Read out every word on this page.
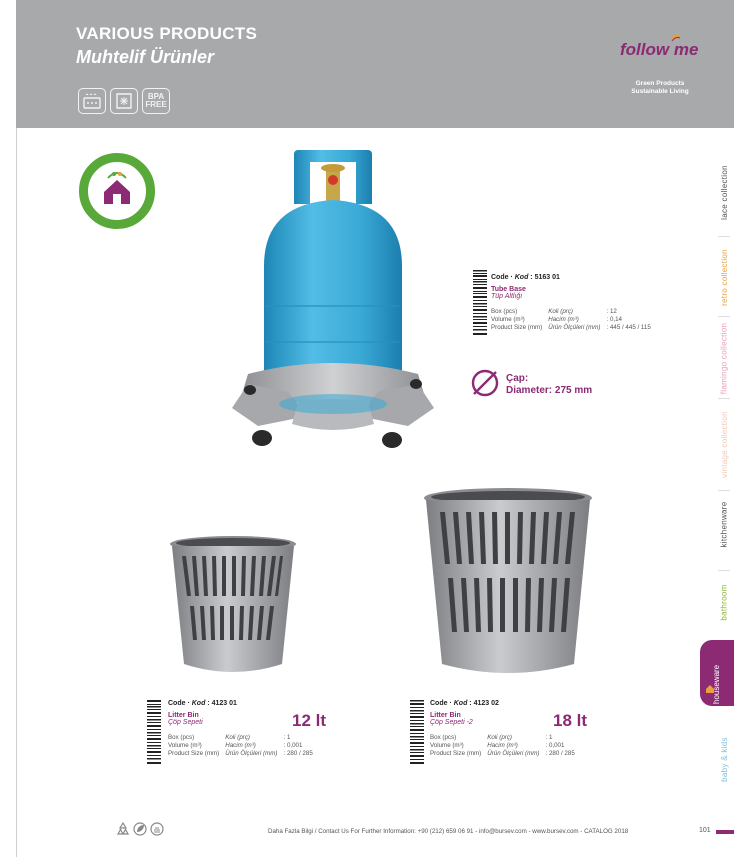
VARIOUS PRODUCTS
Muhtelif Ürünler
BPA
FREE
follow me
Green Products
Sustainable Living
lace collection
retro collection
flamingo collection
vintage collection
kitchenware
bathroom
houseware
baby & kids
Code · Kod : 5163 01
Tube Base
Tüp Altlığı
Box (pcs)	Koli (prç)	: 12
Volume (m³)	Hacim (m³)	: 0,14
Product Size (mm)	Ürün Ölçüleri (mm)	: 445 / 445 / 115
Çap:
Diameter: 275 mm
Code · Kod : 4123 01
Litter Bin
Çöp Sepeti
Box (pcs)	Koli (prç)	: 1
Volume (m³)	Hacim (m³)	: 0,001
Product Size (mm)	Ürün Ölçüleri (mm)	: 280 / 285
12 lt
Code · Kod : 4123 02
Litter Bin
Çöp Sepeti -2
Box (pcs)	Koli (prç)	: 1
Volume (m³)	Hacim (m³)	: 0,001
Product Size (mm)	Ürün Ölçüleri (mm)	: 280 / 285
18 lt
Daha Fazla Bilgi / Contact Us For Further Information: +90 (212) 659 06 91 - info@bursev.com - www.bursev.com - CATALOG 2018	101
